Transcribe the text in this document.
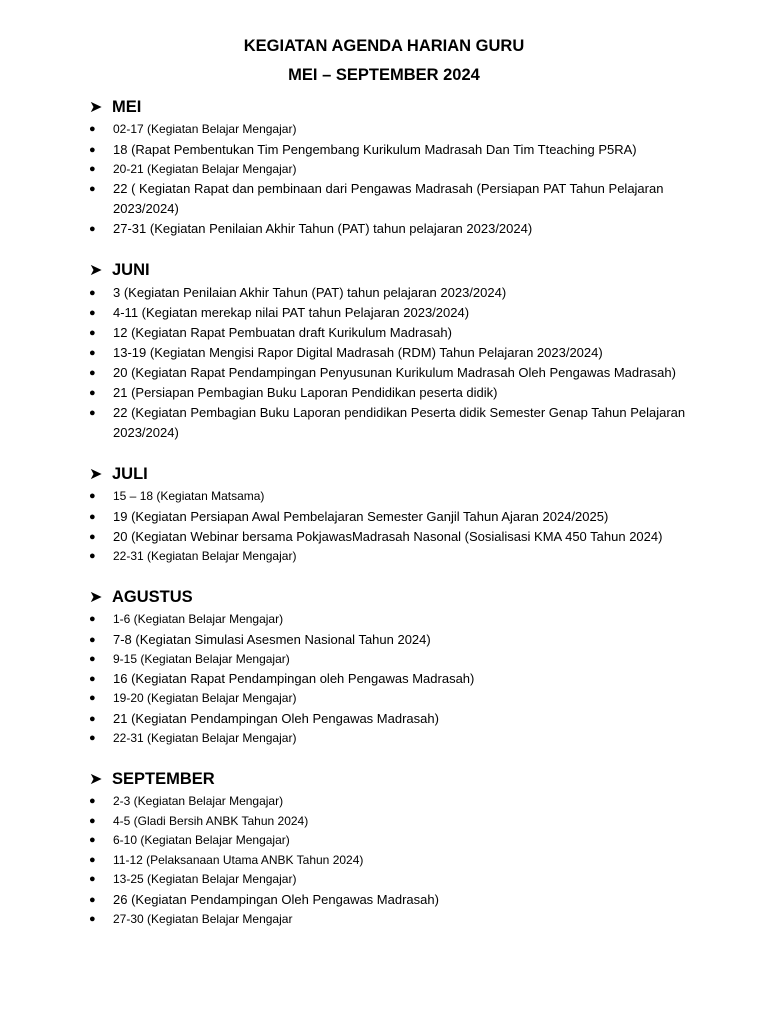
KEGIATAN AGENDA HARIAN GURU
MEI – SEPTEMBER 2024
➤ MEI
●	02-17 (Kegiatan Belajar Mengajar)
●	18 (Rapat Pembentukan Tim Pengembang Kurikulum Madrasah Dan Tim Tteaching P5RA)
●	20-21 (Kegiatan Belajar Mengajar)
●	22 ( Kegiatan Rapat dan pembinaan dari Pengawas Madrasah (Persiapan PAT Tahun Pelajaran 2023/2024)
●	27-31 (Kegiatan Penilaian Akhir Tahun (PAT) tahun pelajaran 2023/2024)
➤ JUNI
●	3 (Kegiatan Penilaian Akhir Tahun (PAT) tahun pelajaran 2023/2024)
●	4-11 (Kegiatan merekap nilai PAT tahun Pelajaran 2023/2024)
●	12 (Kegiatan Rapat Pembuatan draft Kurikulum Madrasah)
●	13-19 (Kegiatan Mengisi Rapor Digital Madrasah (RDM) Tahun Pelajaran 2023/2024)
●	20 (Kegiatan Rapat Pendampingan Penyusunan Kurikulum Madrasah Oleh Pengawas Madrasah)
●	21 (Persiapan Pembagian Buku Laporan Pendidikan peserta didik)
●	22 (Kegiatan Pembagian Buku Laporan pendidikan Peserta didik Semester Genap Tahun Pelajaran 2023/2024)
➤ JULI
●	15 – 18 (Kegiatan Matsama)
●	19 (Kegiatan Persiapan Awal Pembelajaran Semester Ganjil Tahun Ajaran 2024/2025)
●	20 (Kegiatan Webinar bersama PokjawasMadrasah Nasonal (Sosialisasi KMA 450 Tahun 2024)
●	22-31 (Kegiatan Belajar Mengajar)
➤ AGUSTUS
●	1-6 (Kegiatan Belajar Mengajar)
●	7-8 (Kegiatan Simulasi Asesmen Nasional Tahun 2024)
●	9-15 (Kegiatan Belajar Mengajar)
●	16 (Kegiatan Rapat Pendampingan oleh Pengawas Madrasah)
●	19-20 (Kegiatan Belajar Mengajar)
●	21 (Kegiatan Pendampingan Oleh Pengawas Madrasah)
●	22-31 (Kegiatan Belajar Mengajar)
➤ SEPTEMBER
●	2-3 (Kegiatan Belajar Mengajar)
●	4-5 (Gladi Bersih ANBK Tahun 2024)
●	6-10 (Kegiatan Belajar Mengajar)
●	11-12 (Pelaksanaan Utama ANBK Tahun 2024)
●	13-25 (Kegiatan Belajar Mengajar)
●	26 (Kegiatan Pendampingan Oleh Pengawas Madrasah)
●	27-30 (Kegiatan Belajar Mengajar
